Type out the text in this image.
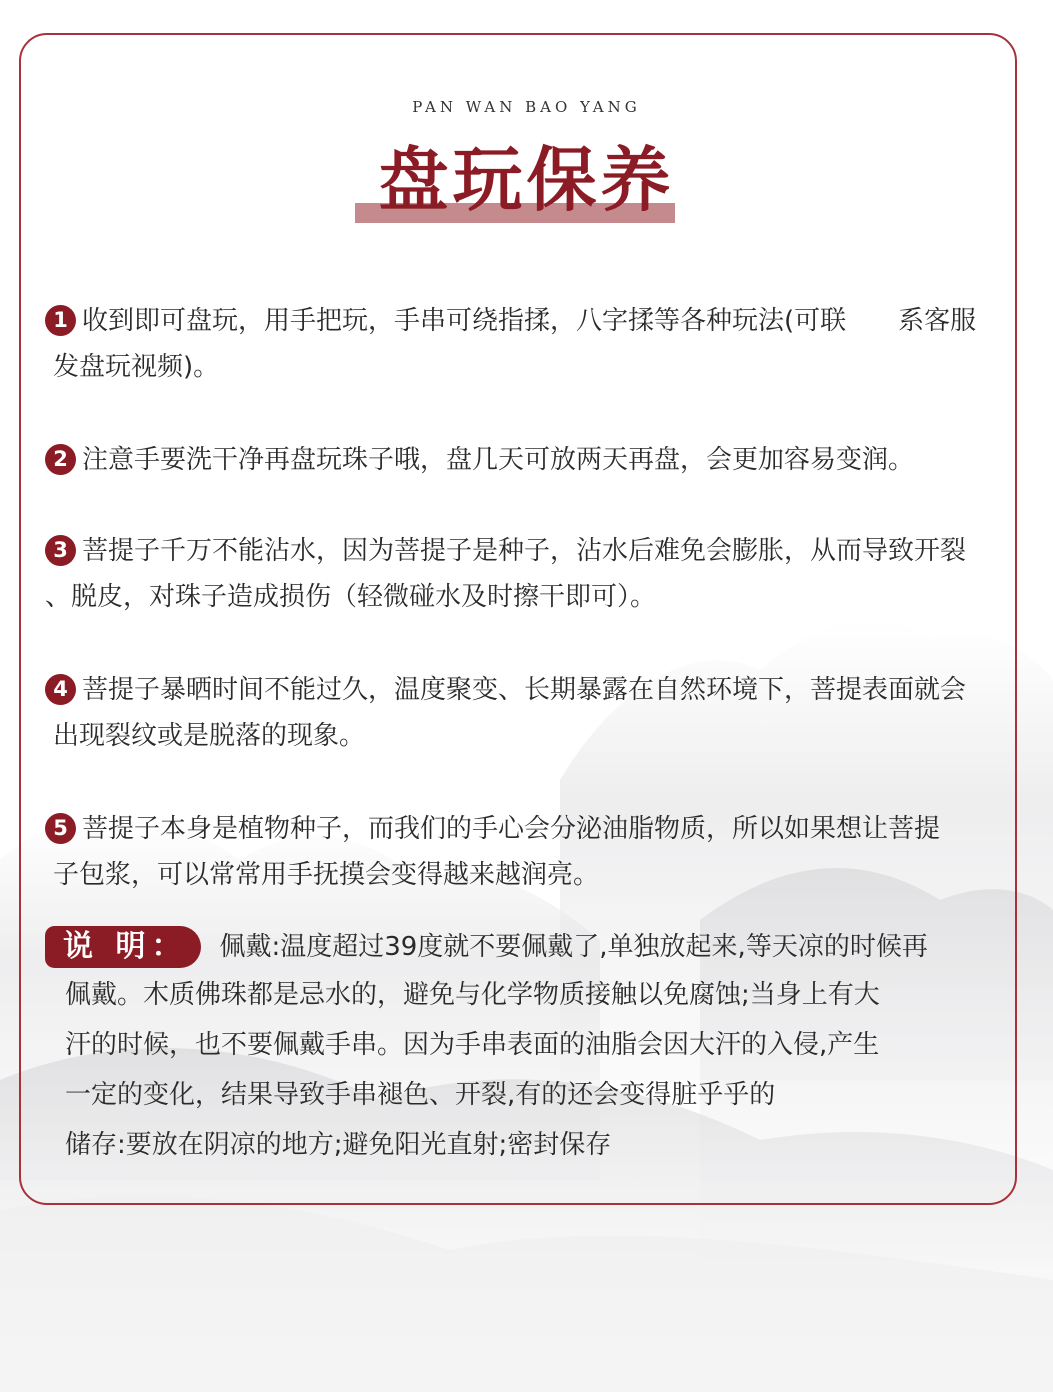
PAN WAN BAO YANG
盘玩保养
1 收到即可盘玩，用手把玩，手串可绕指揉，八字揉等各种玩法(可联　　系客服
发盘玩视频)。
2 注意手要洗干净再盘玩珠子哦，盘几天可放两天再盘，会更加容易变润。
3 菩提子千万不能沾水，因为菩提子是种子，沾水后难免会膨胀，从而导致开裂
、脱皮，对珠子造成损伤（轻微碰水及时擦干即可）。
4 菩提子暴晒时间不能过久，温度聚变、长期暴露在自然环境下，菩提表面就会
出现裂纹或是脱落的现象。
5 菩提子本身是植物种子，而我们的手心会分泌油脂物质，所以如果想让菩提
子包浆，可以常常用手抚摸会变得越来越润亮。
说 明：	佩戴:温度超过39度就不要佩戴了,单独放起来,等天凉的时候再
佩戴。木质佛珠都是忌水的，避免与化学物质接触以免腐蚀;当身上有大
汗的时候，也不要佩戴手串。因为手串表面的油脂会因大汗的入侵,产生
一定的变化，结果导致手串褪色、开裂,有的还会变得脏乎乎的
储存:要放在阴凉的地方;避免阳光直射;密封保存
